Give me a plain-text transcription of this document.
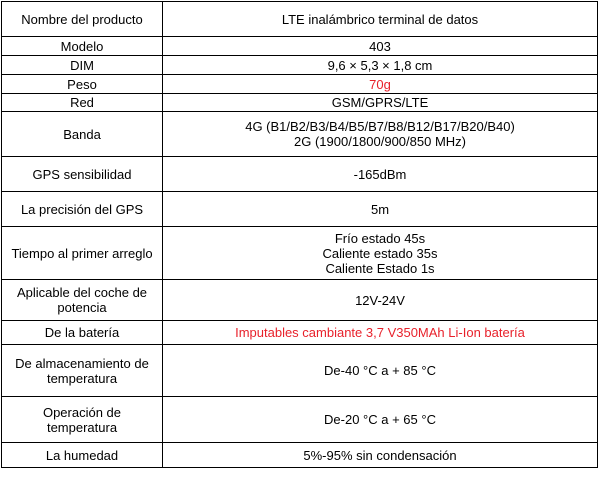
Nombre del producto	LTE inalámbrico terminal de datos
Modelo	403
DIM	9,6 × 5,3 × 1,8 cm
Peso	70g
Red	GSM/GPRS/LTE
Banda	4G (B1/B2/B3/B4/B5/B7/B8/B12/B17/B20/B40)
2G (1900/1800/900/850 MHz)
GPS sensibilidad	-165dBm
La precisión del GPS	5m
Tiempo al primer arreglo	Frío estado 45s
Caliente estado 35s
Caliente Estado 1s
Aplicable del coche de
potencia	12V-24V
De la batería	Imputables cambiante 3,7 V350MAh Li-Ion batería
De almacenamiento de
temperatura	De-40 °C a + 85 °C
Operación de
temperatura	De-20 °C a + 65 °C
La humedad	5%-95% sin condensación
